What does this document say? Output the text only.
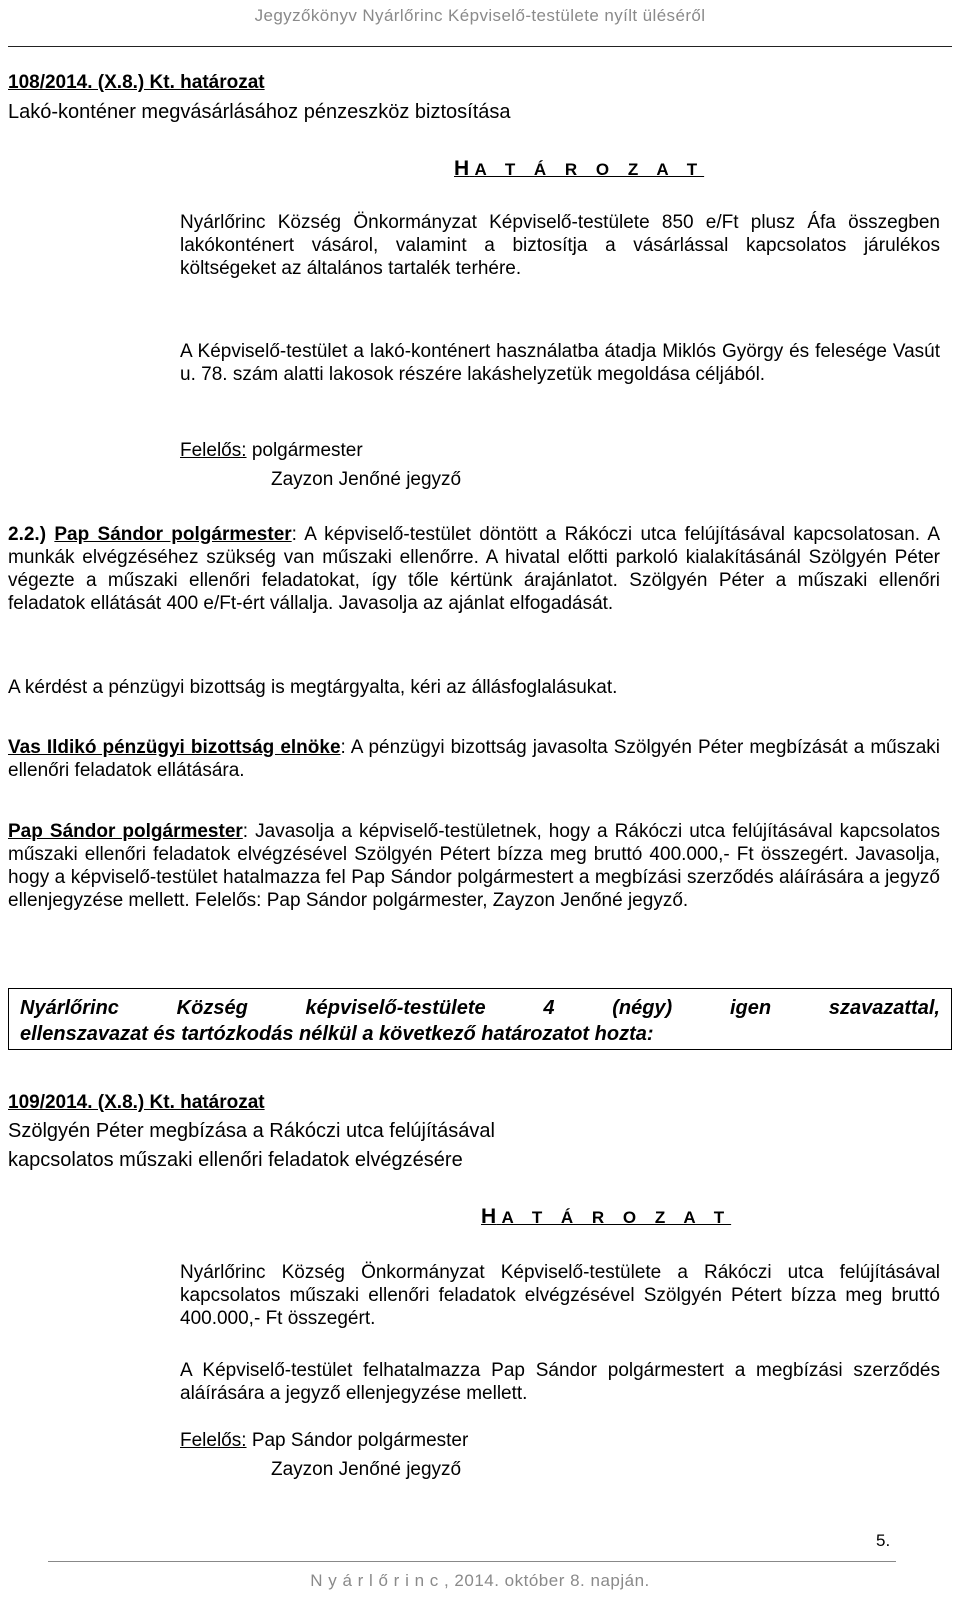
Jegyzőkönyv Nyárlőrinc Képviselő-testülete nyílt üléséről
108/2014. (X.8.) Kt. határozat
Lakó-konténer megvásárlásához pénzeszköz biztosítása
H A T Á R O Z A T
Nyárlőrinc Község Önkormányzat Képviselő-testülete 850 e/Ft plusz Áfa összegben lakókonténert vásárol, valamint a biztosítja a vásárlással kapcsolatos járulékos költségeket az általános tartalék terhére.
A Képviselő-testület a lakó-konténert használatba átadja Miklós György és felesége Vasút u. 78. szám alatti lakosok részére lakáshelyzetük megoldása céljából.
Felelős: polgármester
Zayzon Jenőné jegyző
2.2.) Pap Sándor polgármester: A képviselő-testület döntött a Rákóczi utca felújításával kapcsolatosan. A munkák elvégzéséhez szükség van műszaki ellenőrre. A hivatal előtti parkoló kialakításánál Szölgyén Péter végezte a műszaki ellenőri feladatokat, így tőle kértünk árajánlatot. Szölgyén Péter a műszaki ellenőri feladatok ellátását 400 e/Ft-ért vállalja. Javasolja az ajánlat elfogadását.
A kérdést a pénzügyi bizottság is megtárgyalta, kéri az állásfoglalásukat.
Vas Ildikó pénzügyi bizottság elnöke: A pénzügyi bizottság javasolta Szölgyén Péter megbízását a műszaki ellenőri feladatok ellátására.
Pap Sándor polgármester: Javasolja a képviselő-testületnek, hogy a Rákóczi utca felújításával kapcsolatos műszaki ellenőri feladatok elvégzésével Szölgyén Pétert bízza meg bruttó 400.000,- Ft összegért. Javasolja, hogy a képviselő-testület hatalmazza fel Pap Sándor polgármestert a megbízási szerződés aláírására a jegyző ellenjegyzése mellett. Felelős: Pap Sándor polgármester, Zayzon Jenőné jegyző.
Nyárlőrinc Község képviselő-testülete 4 (négy) igen szavazattal,
ellenszavazat és tartózkodás nélkül a következő határozatot hozta:
109/2014. (X.8.) Kt. határozat
Szölgyén Péter megbízása a Rákóczi utca felújításával
kapcsolatos műszaki ellenőri feladatok elvégzésére
H A T Á R O Z A T
Nyárlőrinc Község Önkormányzat Képviselő-testülete a Rákóczi utca felújításával kapcsolatos műszaki ellenőri feladatok elvégzésével Szölgyén Pétert bízza meg bruttó 400.000,- Ft összegért.
A Képviselő-testület felhatalmazza Pap Sándor polgármestert a megbízási szerződés aláírására a jegyző ellenjegyzése mellett.
Felelős: Pap Sándor polgármester
Zayzon Jenőné jegyző
5.
N y á r l ő r i n c , 2014. október 8. napján.
